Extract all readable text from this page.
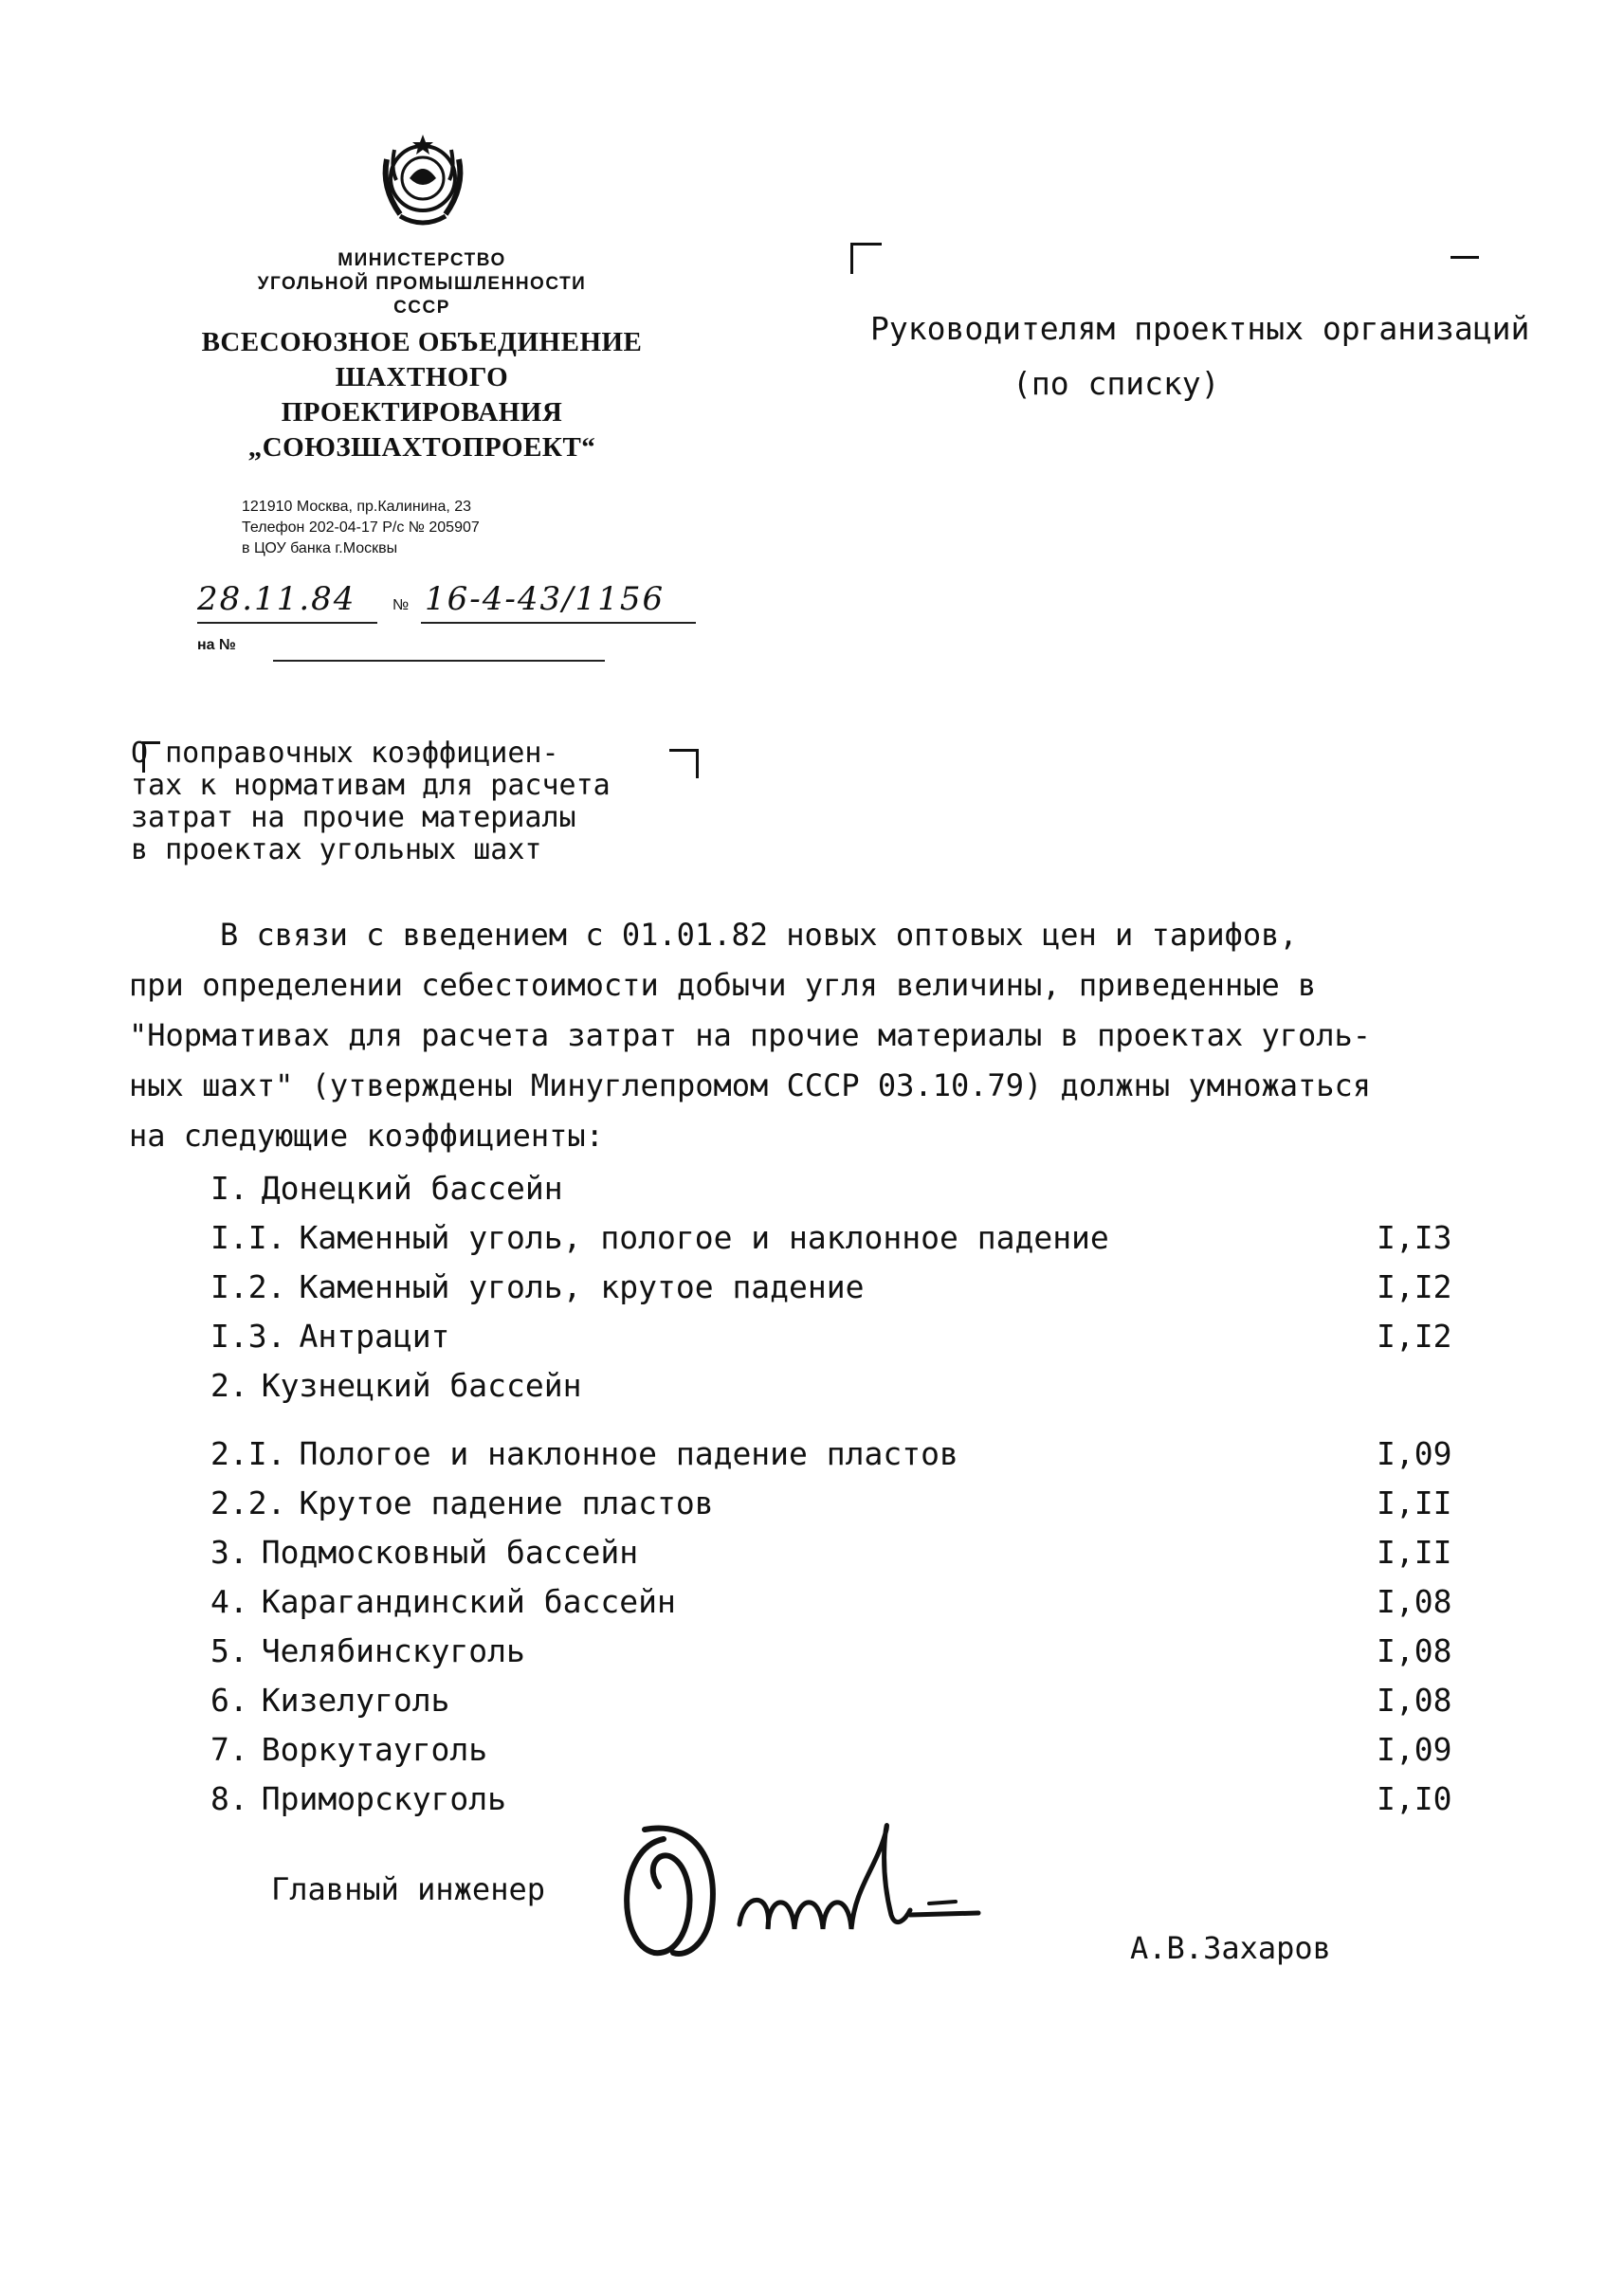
МИНИСТЕРСТВО
УГОЛЬНОЙ ПРОМЫШЛЕННОСТИ
СССР
ВСЕСОЮЗНОЕ ОБЪЕДИНЕНИЕ
ШАХТНОГО
ПРОЕКТИРОВАНИЯ
„СОЮЗШАХТОПРОЕКТ“
121910 Москва, пр.Калинина, 23
Телефон 202-04-17 Р/с № 205907
в ЦОУ банка г.Москвы
28.11.84 № 16-4-43/1156
на №
Руководителям проектных организаций
(по списку)
О поправочных коэффициен-
тах к нормативам для расчета
затрат на прочие материалы
в проектах угольных шахт
В связи с введением с 01.01.82 новых оптовых цен и тарифов,
при определении себестоимости добычи угля величины, приведенные в
"Нормативах для расчета затрат на прочие материалы в проектах уголь-
ных шахт" (утверждены Минуглепромом СССР 03.10.79) должны умножаться
на следующие коэффициенты:
I. Донецкий бассейн
I.I. Каменный уголь, пологое и наклонное падение	I,I3
I.2. Каменный уголь, крутое падение	I,I2
I.3. Антрацит	I,I2
2. Кузнецкий бассейн
2.I. Пологое и наклонное падение пластов	I,09
2.2. Крутое падение пластов	I,II
3. Подмосковный бассейн	I,II
4. Карагандинский бассейн	I,08
5. Челябинскуголь	I,08
6. Кизелуголь	I,08
7. Воркутауголь	I,09
8. Приморскуголь	I,I0
Главный инженер
А.В.Захаров
